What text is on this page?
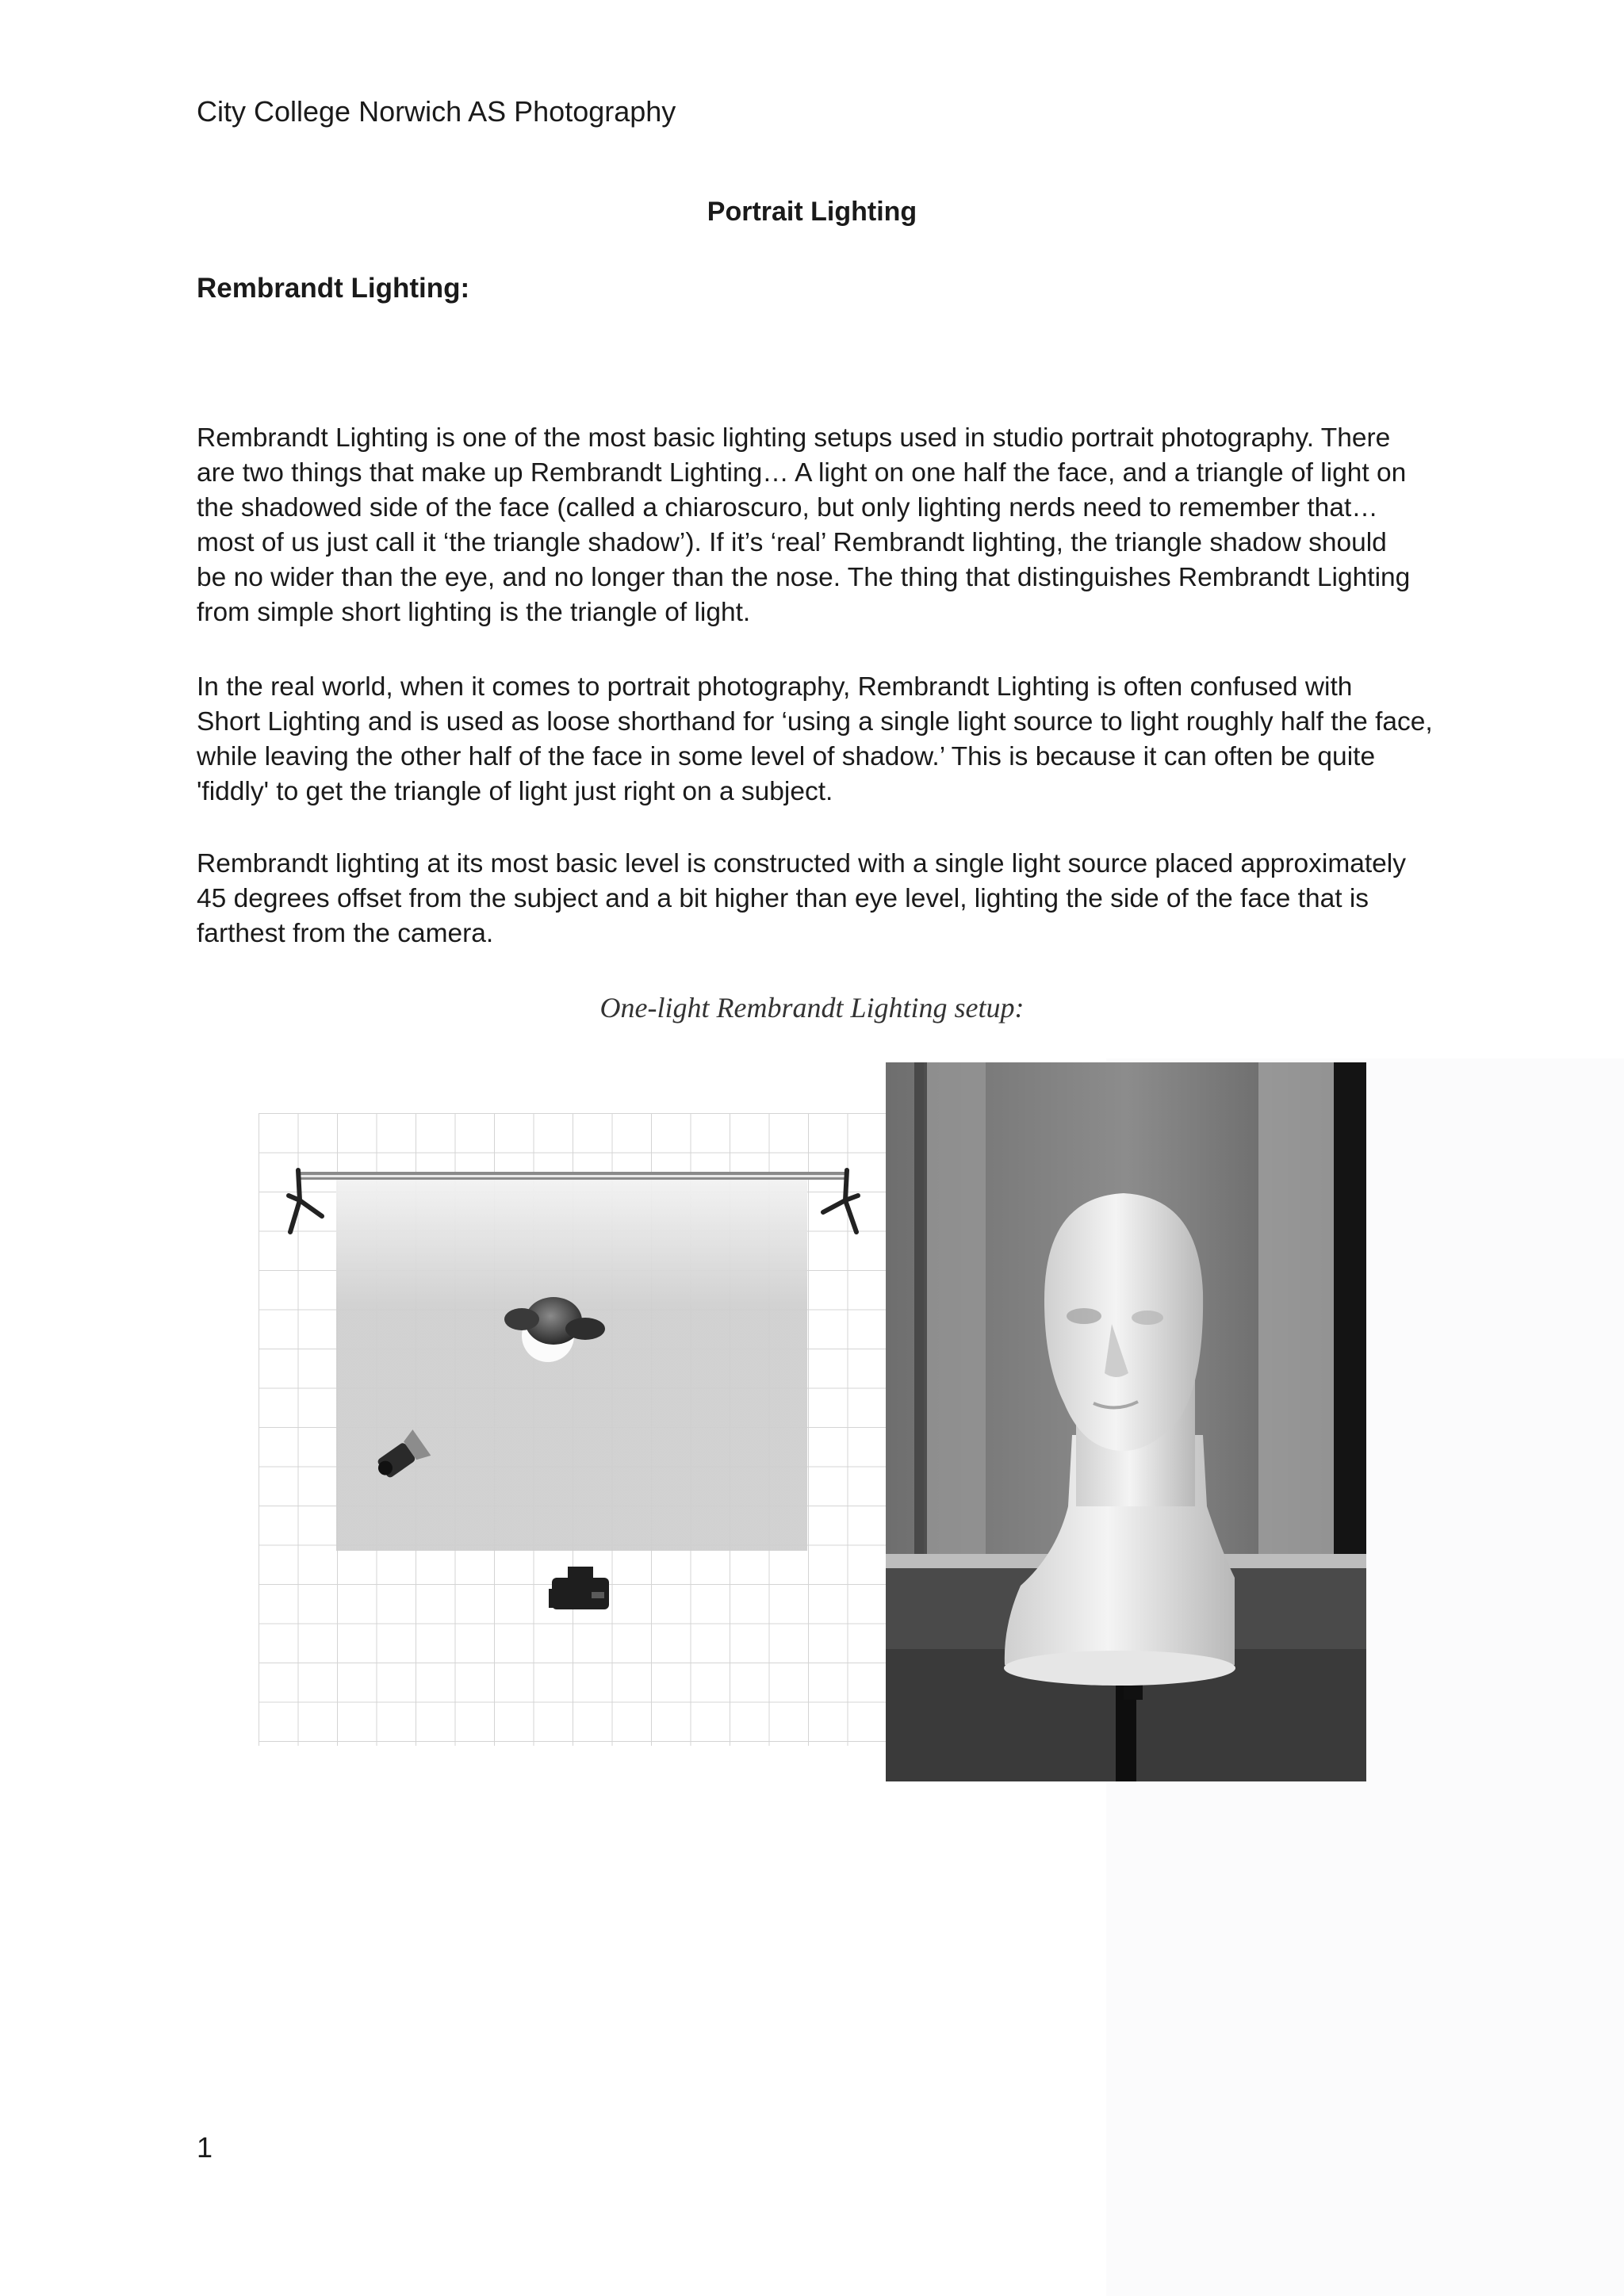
City College Norwich AS Photography
Portrait Lighting
Rembrandt Lighting:

Rembrandt Lighting is one of the most basic lighting setups used in studio portrait photography. There
are two things that make up Rembrandt Lighting… A light on one half the face, and a triangle of light on
the shadowed side of the face (called a chiaroscuro, but only lighting nerds need to remember that…
most of us just call it ‘the triangle shadow’). If it’s ‘real’ Rembrandt lighting, the triangle shadow should
be no wider than the eye, and no longer than the nose. The thing that distinguishes Rembrandt Lighting
from simple short lighting is the triangle of light.

In the real world, when it comes to portrait photography, Rembrandt Lighting is often confused with
Short Lighting and is used as loose shorthand for ‘using a single light source to light roughly half the face,
while leaving the other half of the face in some level of shadow.’ This is because it can often be quite
'fiddly' to get the triangle of light just right on a subject.

Rembrandt lighting at its most basic level is constructed with a single light source placed approximately
45 degrees offset from the subject and a bit higher than eye level, lighting the side of the face that is
farthest from the camera.

One-light Rembrandt Lighting setup:
1
